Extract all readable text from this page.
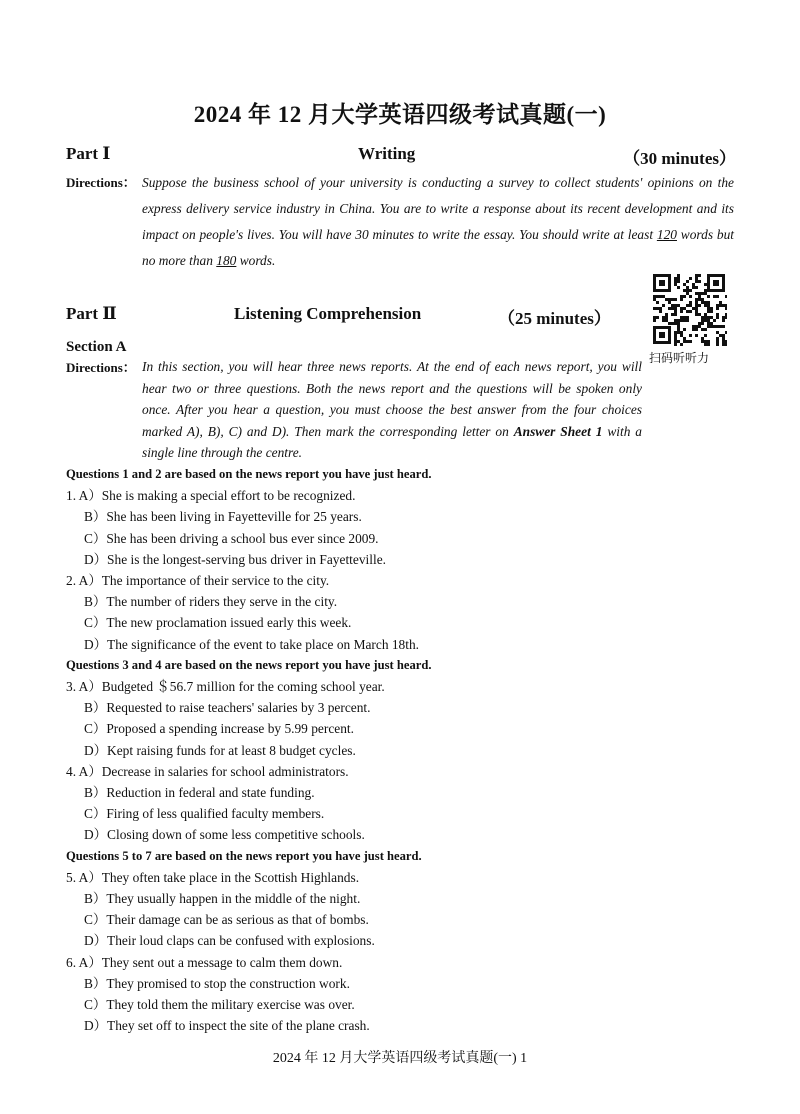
2024 年 12 月大学英语四级考试真题(一)
Part Ⅰ	Writing	（30 minutes）
Directions： Suppose the business school of your university is conducting a survey to collect students' opinions on the express delivery service industry in China. You are to write a response about its recent development and its impact on people's lives. You will have 30 minutes to write the essay. You should write at least 120 words but no more than 180 words.
Part Ⅱ	Listening Comprehension	（25 minutes）
扫码听听力
Section A
Directions： In this section, you will hear three news reports. At the end of each news report, you will hear two or three questions. Both the news report and the questions will be spoken only once. After you hear a question, you must choose the best answer from the four choices marked A), B), C) and D). Then mark the corresponding letter on Answer Sheet 1 with a single line through the centre.
Questions 1 and 2 are based on the news report you have just heard.
1. A）She is making a special effort to be recognized.
B）She has been living in Fayetteville for 25 years.
C）She has been driving a school bus ever since 2009.
D）She is the longest-serving bus driver in Fayetteville.
2. A）The importance of their service to the city.
B）The number of riders they serve in the city.
C）The new proclamation issued early this week.
D）The significance of the event to take place on March 18th.
Questions 3 and 4 are based on the news report you have just heard.
3. A）Budgeted ＄56.7 million for the coming school year.
B）Requested to raise teachers' salaries by 3 percent.
C）Proposed a spending increase by 5.99 percent.
D）Kept raising funds for at least 8 budget cycles.
4. A）Decrease in salaries for school administrators.
B）Reduction in federal and state funding.
C）Firing of less qualified faculty members.
D）Closing down of some less competitive schools.
Questions 5 to 7 are based on the news report you have just heard.
5. A）They often take place in the Scottish Highlands.
B）They usually happen in the middle of the night.
C）Their damage can be as serious as that of bombs.
D）Their loud claps can be confused with explosions.
6. A）They sent out a message to calm them down.
B）They promised to stop the construction work.
C）They told them the military exercise was over.
D）They set off to inspect the site of the plane crash.
2024 年 12 月大学英语四级考试真题(一) 1
